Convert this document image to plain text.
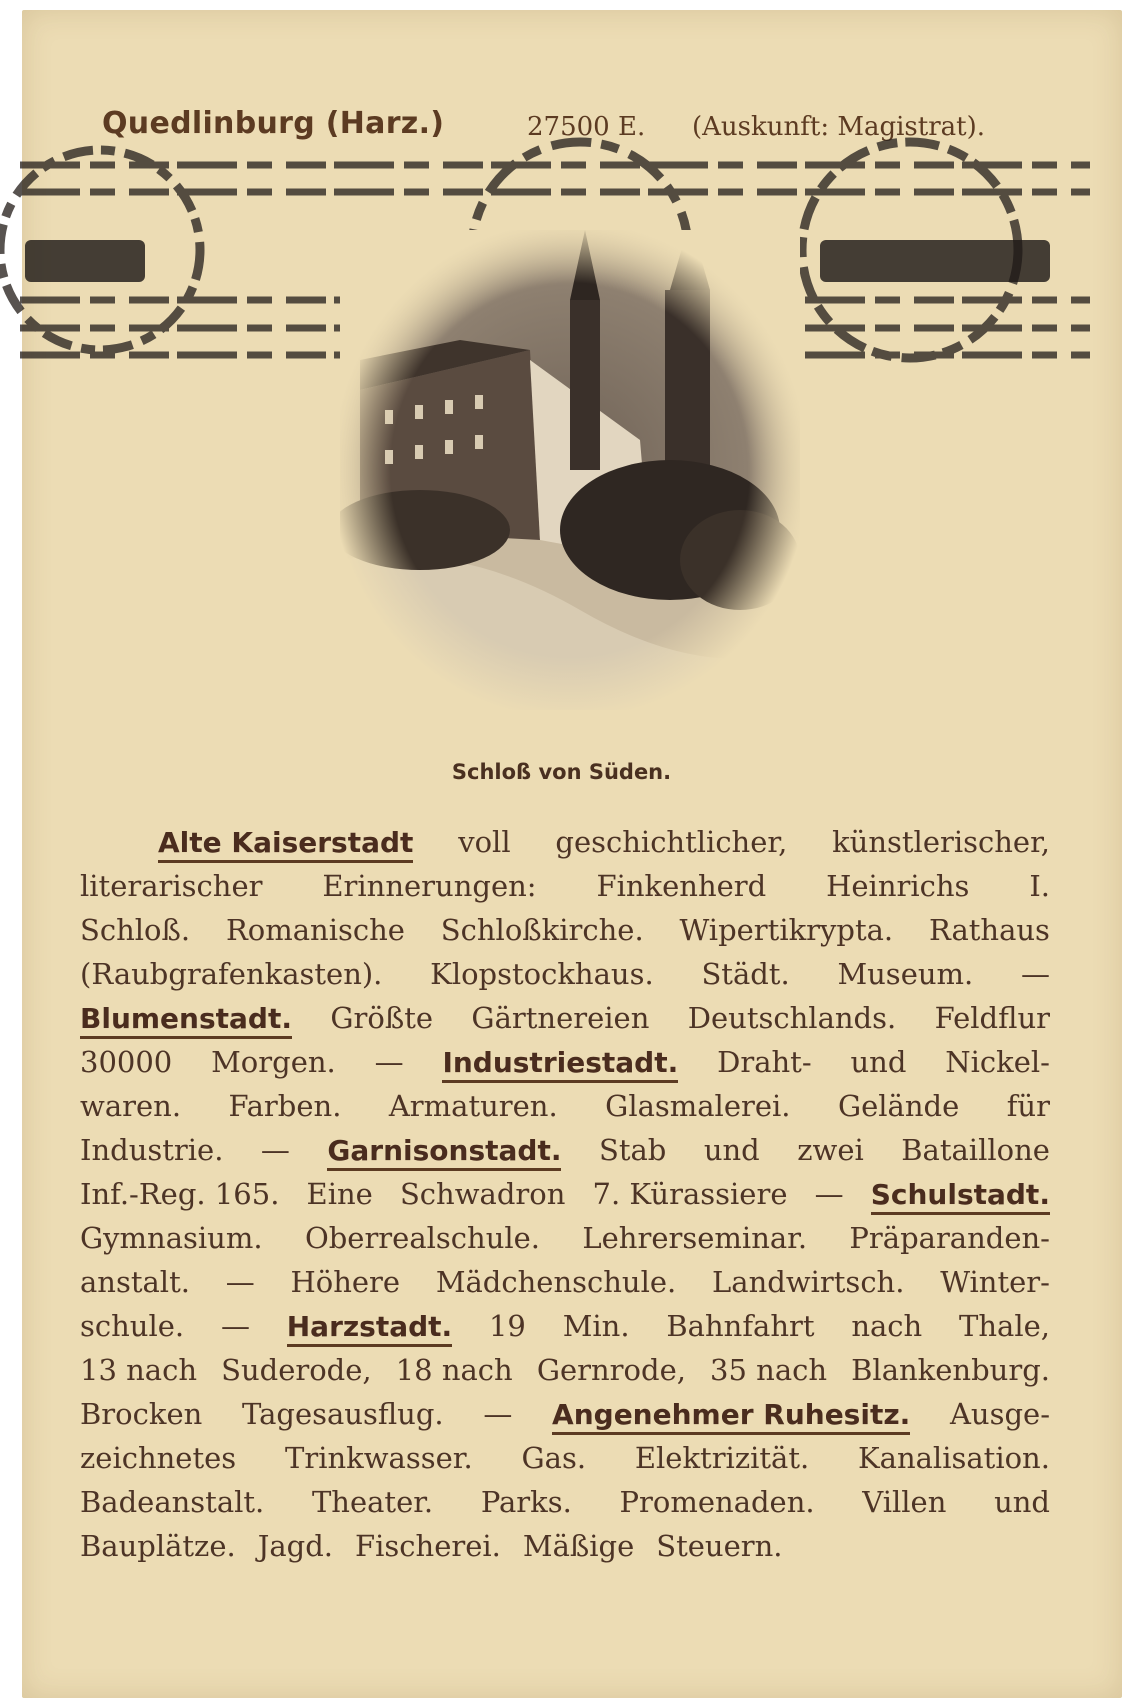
Quedlinburg (Harz.)	27500 E. (Auskunft: Magistrat).
Schloß von Süden.
Alte Kaiserstadt voll geschichtlicher, künstlerischer,
literarischer Erinnerungen: Finkenherd Heinrichs I.
Schloß. Romanische Schloßkirche. Wipertikrypta. Rathaus
(Raubgrafenkasten). Klopstockhaus. Städt. Museum. —
Blumenstadt. Größte Gärtnereien Deutschlands. Feldflur
30000 Morgen. — Industriestadt. Draht- und Nickel-
waren. Farben. Armaturen. Glasmalerei. Gelände für
Industrie. — Garnisonstadt. Stab und zwei Bataillone
Inf.-Reg. 165. Eine Schwadron 7. Kürassiere — Schulstadt.
Gymnasium. Oberrealschule. Lehrerseminar. Präparanden-
anstalt. — Höhere Mädchenschule. Landwirtsch. Winter-
schule. — Harzstadt. 19 Min. Bahnfahrt nach Thale,
13 nach Suderode, 18 nach Gernrode, 35 nach Blankenburg.
Brocken Tagesausflug. — Angenehmer Ruhesitz. Ausge-
zeichnetes Trinkwasser. Gas. Elektrizität. Kanalisation.
Badeanstalt. Theater. Parks. Promenaden. Villen und
Bauplätze. Jagd. Fischerei. Mäßige Steuern.
